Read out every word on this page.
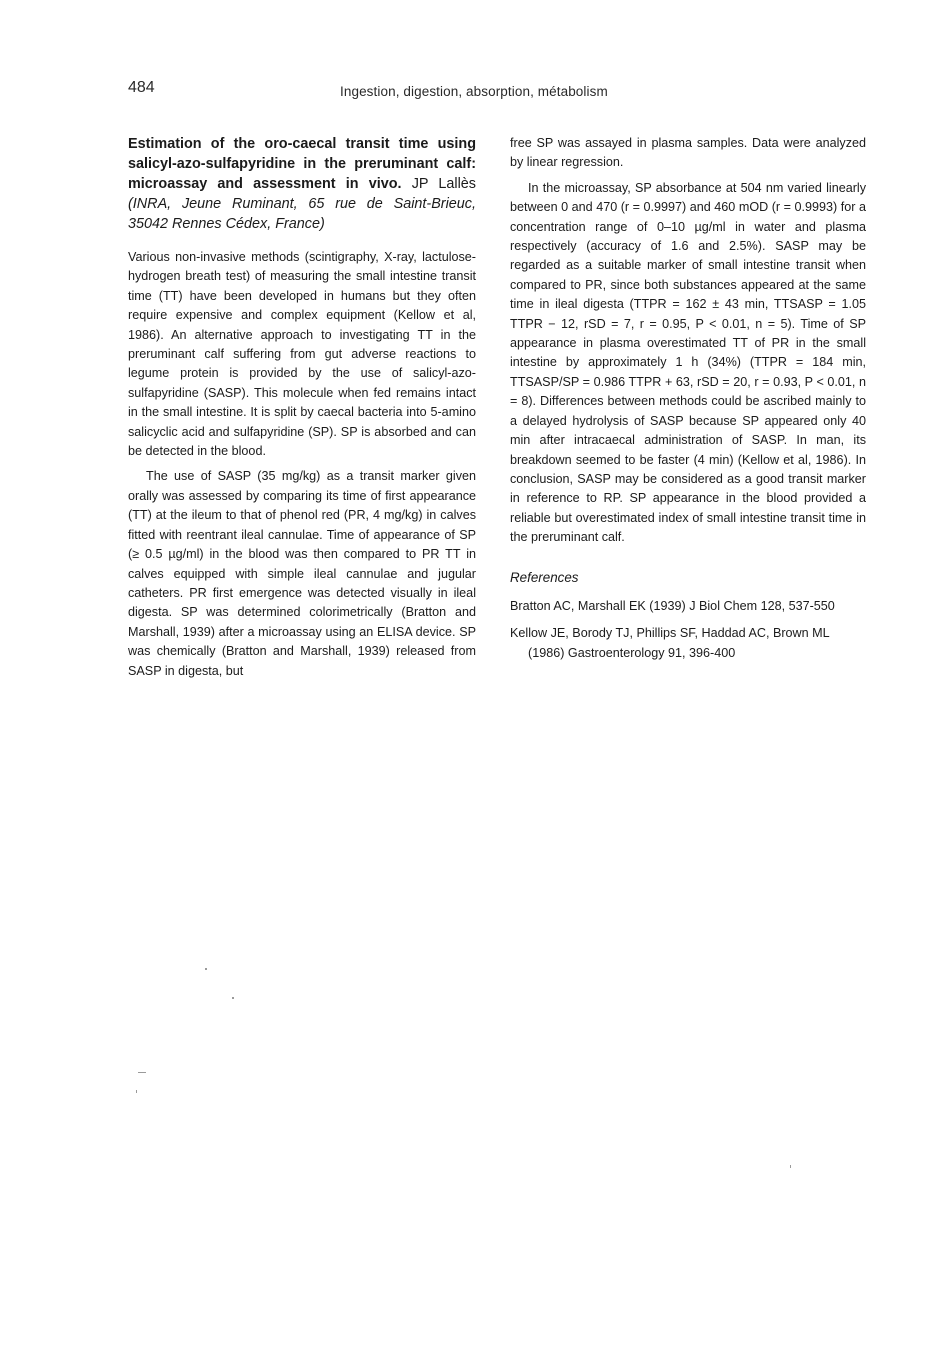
484	Ingestion, digestion, absorption, métabolism
Estimation of the oro-caecal transit time using salicyl-azo-sulfapyridine in the preruminant calf: microassay and assessment in vivo. JP Lallès (INRA, Jeune Ruminant, 65 rue de Saint-Brieuc, 35042 Rennes Cédex, France)

Various non-invasive methods (scintigraphy, X-ray, lactulose-hydrogen breath test) of measuring the small intestine transit time (TT) have been developed in humans but they often require expensive and complex equipment (Kellow et al, 1986). An alternative approach to investigating TT in the preruminant calf suffering from gut adverse reactions to legume protein is provided by the use of salicyl-azo-sulfapyridine (SASP). This molecule when fed remains intact in the small intestine. It is split by caecal bacteria into 5-amino salicyclic acid and sulfapyridine (SP). SP is absorbed and can be detected in the blood.

The use of SASP (35 mg/kg) as a transit marker given orally was assessed by comparing its time of first appearance (TT) at the ileum to that of phenol red (PR, 4 mg/kg) in calves fitted with reentrant ileal cannulae. Time of appearance of SP (≥ 0.5 µg/ml) in the blood was then compared to PR TT in calves equipped with simple ileal cannulae and jugular catheters. PR first emergence was detected visually in ileal digesta. SP was determined colorimetrically (Bratton and Marshall, 1939) after a microassay using an ELISA device. SP was chemically (Bratton and Marshall, 1939) released from SASP in digesta, but

free SP was assayed in plasma samples. Data were analyzed by linear regression.

In the microassay, SP absorbance at 504 nm varied linearly between 0 and 470 (r = 0.9997) and 460 mOD (r = 0.9993) for a concentration range of 0–10 µg/ml in water and plasma respectively (accuracy of 1.6 and 2.5%). SASP may be regarded as a suitable marker of small intestine transit when compared to PR, since both substances appeared at the same time in ileal digesta (TTPR = 162 ± 43 min, TTSASP = 1.05 TTPR − 12, rSD = 7, r = 0.95, P < 0.01, n = 5). Time of SP appearance in plasma overestimated TT of PR in the small intestine by approximately 1 h (34%) (TTPR = 184 min, TTSASP/SP = 0.986 TTPR + 63, rSD = 20, r = 0.93, P < 0.01, n = 8). Differences between methods could be ascribed mainly to a delayed hydrolysis of SASP because SP appeared only 40 min after intracaecal administration of SASP. In man, its breakdown seemed to be faster (4 min) (Kellow et al, 1986). In conclusion, SASP may be considered as a good transit marker in reference to RP. SP appearance in the blood provided a reliable but overestimated index of small intestine transit time in the preruminant calf.

References
Bratton AC, Marshall EK (1939) J Biol Chem 128, 537-550
Kellow JE, Borody TJ, Phillips SF, Haddad AC, Brown ML (1986) Gastroenterology 91, 396-400
